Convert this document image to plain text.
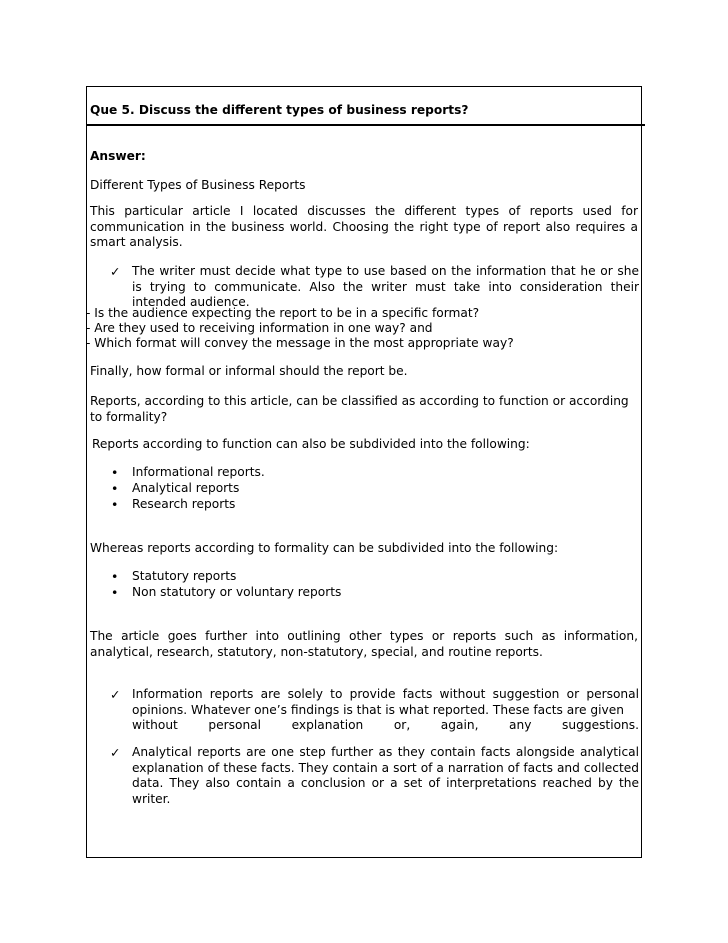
Que 5. Discuss the different types of business reports?

Answer:

Different Types of Business Reports

This particular article I located discusses the different types of reports used for communication in the business world. Choosing the right type of report also requires a smart analysis.

✓ The writer must decide what type to use based on the information that he or she is trying to communicate. Also the writer must take into consideration their intended audience.

- Is the audience expecting the report to be in a specific format?
- Are they used to receiving information in one way? and
- Which format will convey the message in the most appropriate way?

Finally, how formal or informal should the report be.

Reports, according to this article, can be classified as according to function or according to formality?

Reports according to function can also be subdivided into the following:

• Informational reports.

• Analytical reports

• Research reports

Whereas reports according to formality can be subdivided into the following:

• Statutory reports

• Non statutory or voluntary reports

The article goes further into outlining other types or reports such as information, analytical, research, statutory, non-statutory, special, and routine reports.

✓ Information reports are solely to provide facts without suggestion or personal opinions. Whatever one’s findings is that is what reported. These facts are given

without personal explanation or, again, any suggestions.

✓ Analytical reports are one step further as they contain facts alongside analytical explanation of these facts. They contain a sort of a narration of facts and collected data. They also contain a conclusion or a set of interpretations reached by the writer.
